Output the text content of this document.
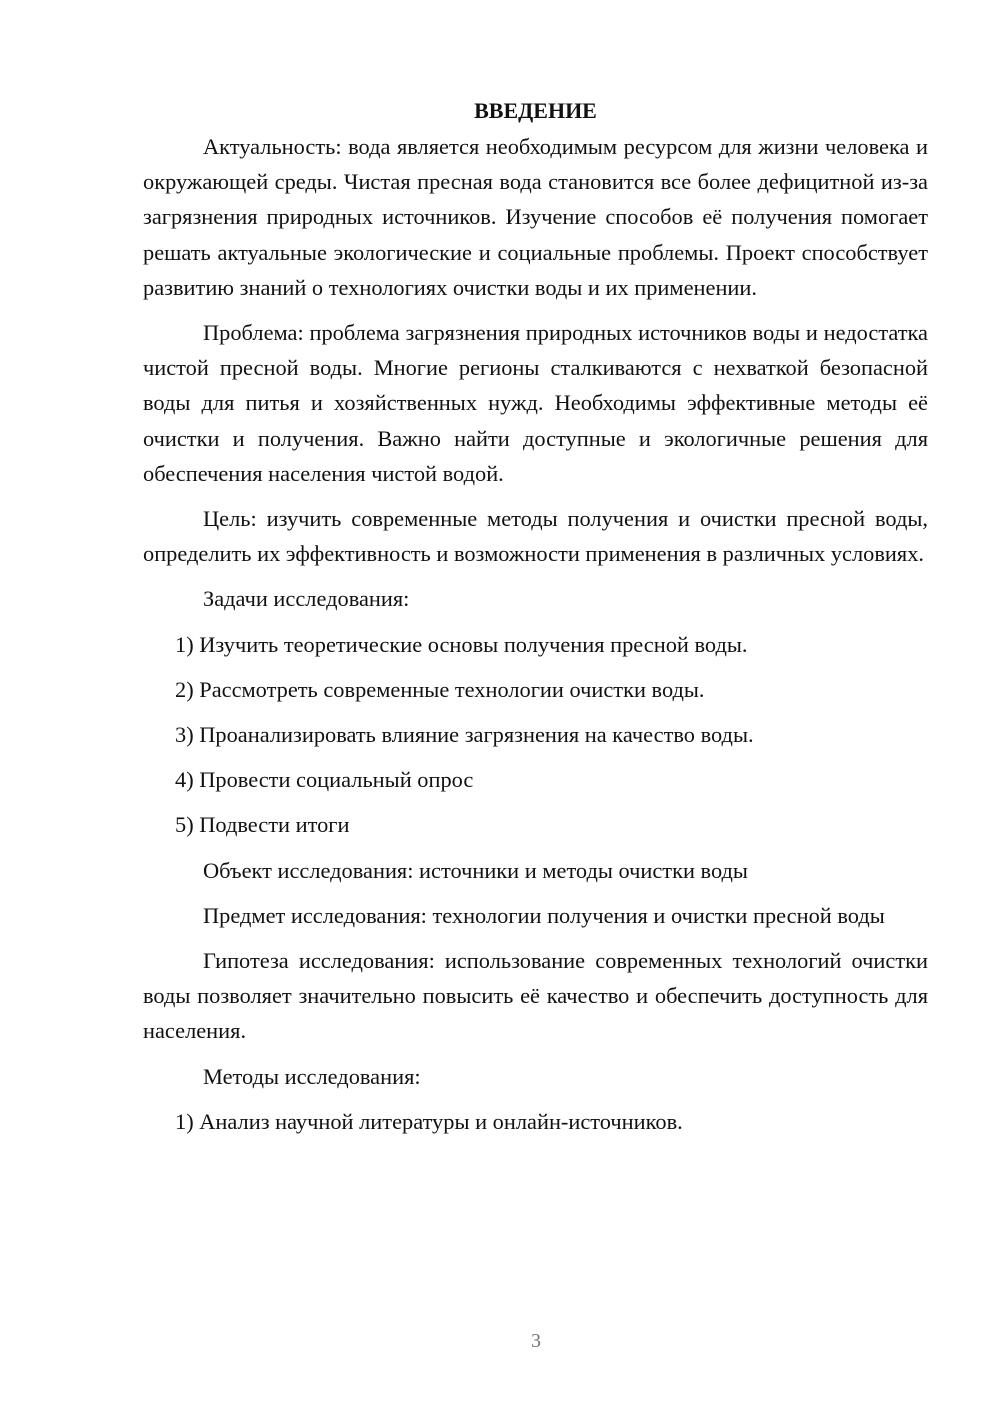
ВВЕДЕНИЕ

Актуальность: вода является необходимым ресурсом для жизни человека и окружающей среды. Чистая пресная вода становится все более дефицитной из-за загрязнения природных источников. Изучение способов её получения помогает решать актуальные экологические и социальные проблемы. Проект способствует развитию знаний о технологиях очистки воды и их применении.

Проблема: проблема загрязнения природных источников воды и недостатка чистой пресной воды. Многие регионы сталкиваются с нехваткой безопасной воды для питья и хозяйственных нужд. Необходимы эффективные методы её очистки и получения. Важно найти доступные и экологичные решения для обеспечения населения чистой водой.

Цель: изучить современные методы получения и очистки пресной воды, определить их эффективность и возможности применения в различных условиях.

Задачи исследования:

1) Изучить теоретические основы получения пресной воды.
2) Рассмотреть современные технологии очистки воды.
3) Проанализировать влияние загрязнения на качество воды.
4) Провести социальный опрос
5) Подвести итоги

Объект исследования: источники и методы очистки воды

Предмет исследования: технологии получения и очистки пресной воды

Гипотеза исследования: использование современных технологий очистки воды позволяет значительно повысить её качество и обеспечить доступность для населения.

Методы исследования:

1) Анализ научной литературы и онлайн-источников.
3
